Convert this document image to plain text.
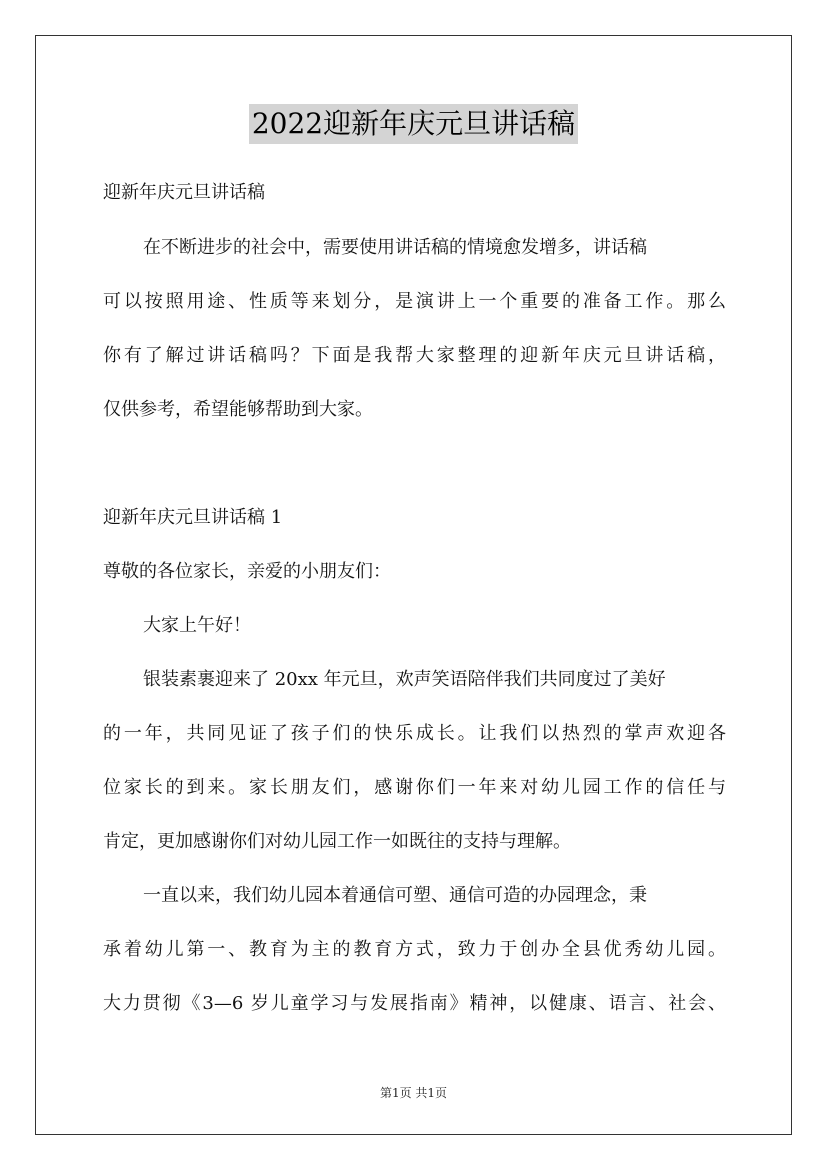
2022迎新年庆元旦讲话稿
迎新年庆元旦讲话稿
在不断进步的社会中，需要使用讲话稿的情境愈发增多，讲话稿
可以按照用途、性质等来划分，是演讲上一个重要的准备工作。那么
你有了解过讲话稿吗？下面是我帮大家整理的迎新年庆元旦讲话稿，
仅供参考，希望能够帮助到大家。
迎新年庆元旦讲话稿 1
尊敬的各位家长，亲爱的小朋友们：
大家上午好！
银装素裹迎来了 20xx 年元旦，欢声笑语陪伴我们共同度过了美好
的一年，共同见证了孩子们的快乐成长。让我们以热烈的掌声欢迎各
位家长的到来。家长朋友们，感谢你们一年来对幼儿园工作的信任与
肯定，更加感谢你们对幼儿园工作一如既往的支持与理解。
一直以来，我们幼儿园本着通信可塑、通信可造的办园理念，秉
承着幼儿第一、教育为主的教育方式，致力于创办全县优秀幼儿园。
大力贯彻《3—6 岁儿童学习与发展指南》精神，以健康、语言、社会、
第1页 共1页
